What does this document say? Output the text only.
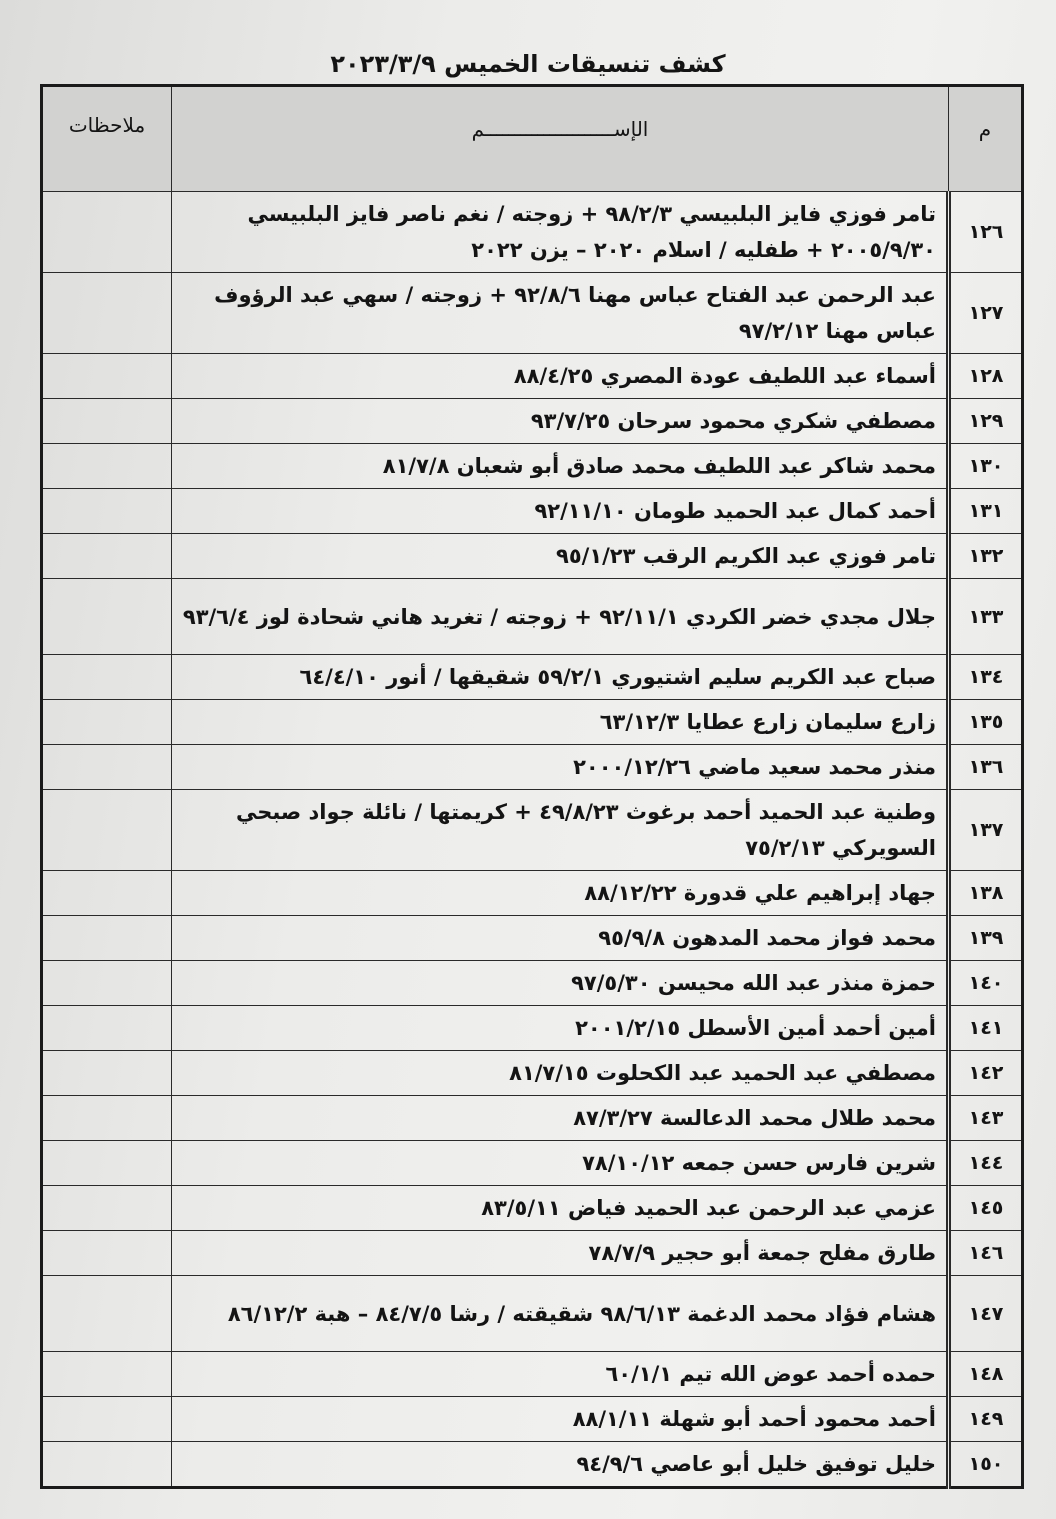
كشف تنسيقات الخميس ٢٠٢٣/٣/٩
م	الإســــــــــــــــــــــم	ملاحظات
١٢٦	تامر فوزي فايز البلبيسي ٩٨/٢/٣ + زوجته / نغم ناصر فايز البلبيسي ٢٠٠٥/٩/٣٠ + طفليه / اسلام ٢٠٢٠ – يزن ٢٠٢٢	
١٢٧	عبد الرحمن عبد الفتاح عباس مهنا ٩٢/٨/٦ + زوجته / سهي عبد الرؤوف عباس مهنا ٩٧/٢/١٢	
١٢٨	أسماء عبد اللطيف عودة المصري ٨٨/٤/٢٥	
١٢٩	مصطفي شكري محمود سرحان ٩٣/٧/٢٥	
١٣٠	محمد شاكر عبد اللطيف محمد صادق أبو شعبان ٨١/٧/٨	
١٣١	أحمد كمال عبد الحميد طومان ٩٢/١١/١٠	
١٣٢	تامر فوزي عبد الكريم الرقب ٩٥/١/٢٣	
١٣٣	جلال مجدي خضر الكردي ٩٢/١١/١ + زوجته / تغريد هاني شحادة لوز ٩٣/٦/٤	
١٣٤	صباح عبد الكريم سليم اشتيوري ٥٩/٢/١ شقيقها / أنور ٦٤/٤/١٠	
١٣٥	زارع سليمان زارع عطايا ٦٣/١٢/٣	
١٣٦	منذر محمد سعيد ماضي ٢٠٠٠/١٢/٢٦	
١٣٧	وطنية عبد الحميد أحمد برغوث ٤٩/٨/٢٣ + كريمتها / نائلة جواد صبحي السويركي ٧٥/٢/١٣	
١٣٨	جهاد إبراهيم علي قدورة ٨٨/١٢/٢٢	
١٣٩	محمد فواز محمد المدهون ٩٥/٩/٨	
١٤٠	حمزة منذر عبد الله محيسن ٩٧/٥/٣٠	
١٤١	أمين أحمد أمين الأسطل ٢٠٠١/٢/١٥	
١٤٢	مصطفي عبد الحميد عبد الكحلوت ٨١/٧/١٥	
١٤٣	محمد طلال محمد الدعالسة ٨٧/٣/٢٧	
١٤٤	شرين فارس حسن جمعه ٧٨/١٠/١٢	
١٤٥	عزمي عبد الرحمن عبد الحميد فياض ٨٣/٥/١١	
١٤٦	طارق مفلح جمعة أبو حجير ٧٨/٧/٩	
١٤٧	هشام فؤاد محمد الدغمة ٩٨/٦/١٣ شقيقته / رشا ٨٤/٧/٥ – هبة ٨٦/١٢/٢	
١٤٨	حمده أحمد عوض الله تيم ٦٠/١/١	
١٤٩	أحمد محمود أحمد أبو شهلة ٨٨/١/١١	
١٥٠	خليل توفيق خليل أبو عاصي ٩٤/٩/٦	
